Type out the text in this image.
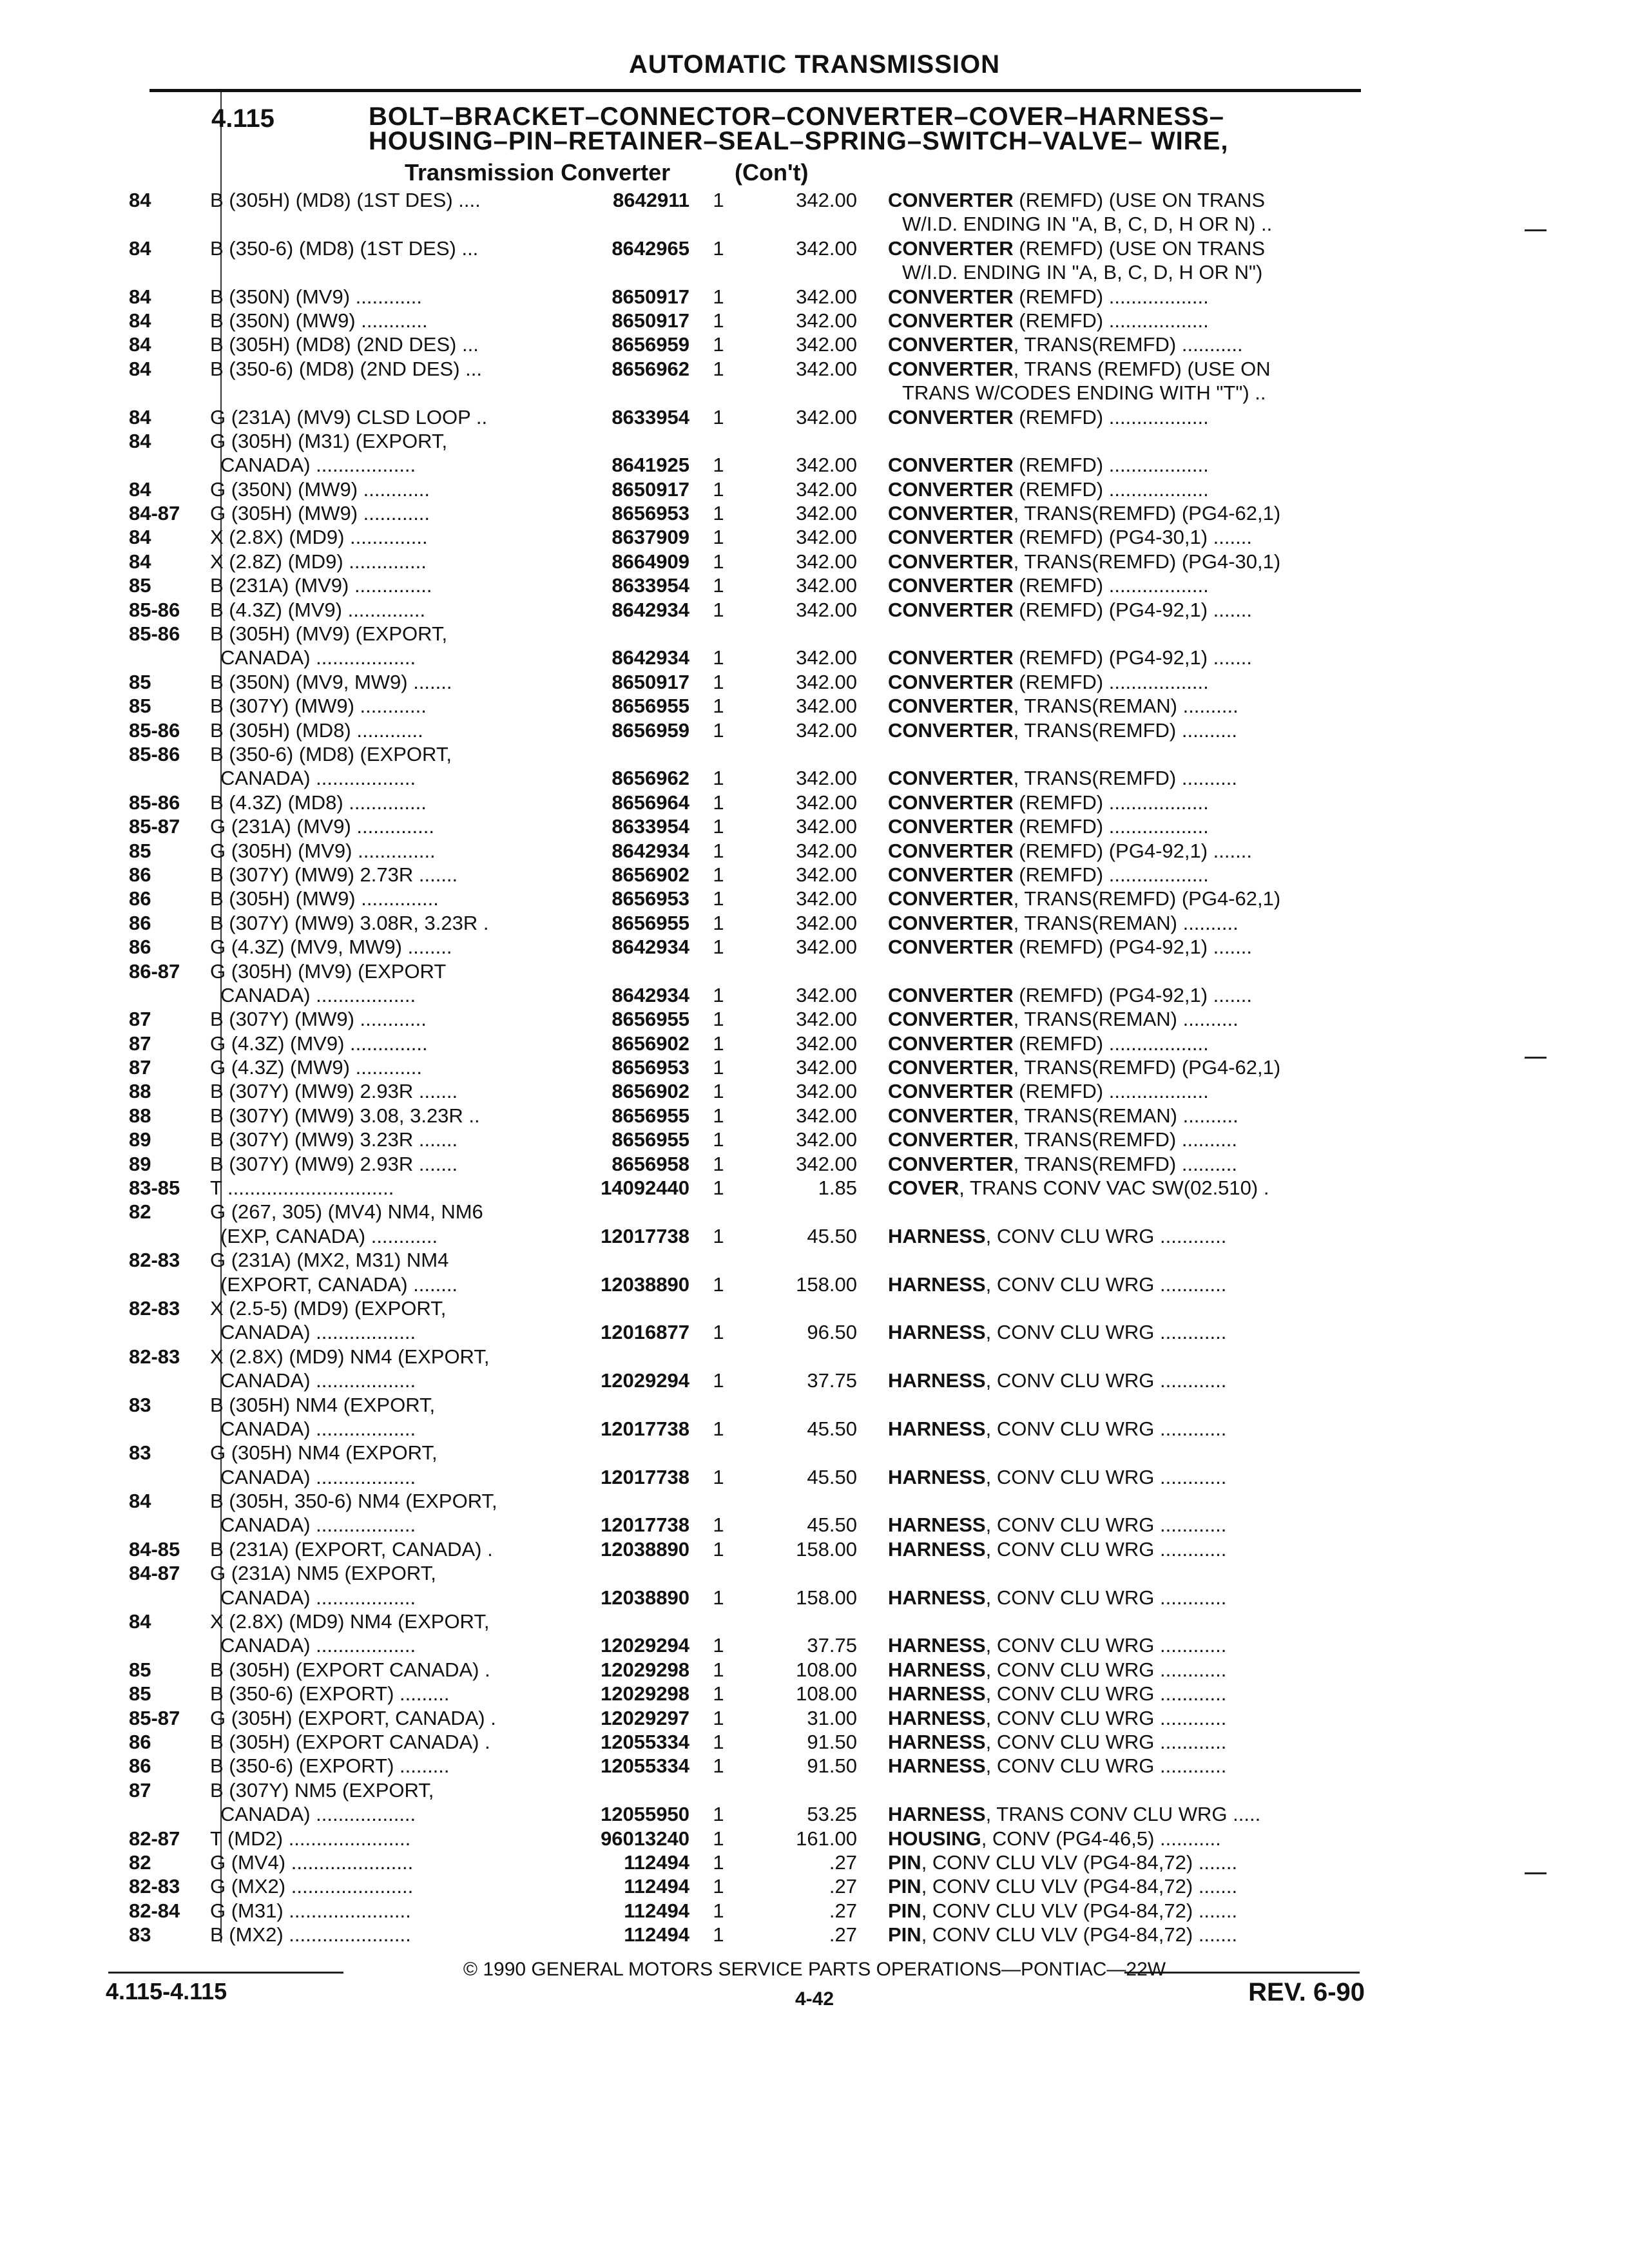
AUTOMATIC TRANSMISSION
4.115	BOLT–BRACKET–CONNECTOR–CONVERTER–COVER–HARNESS–
HOUSING–PIN–RETAINER–SEAL–SPRING–SWITCH–VALVE– WIRE,
Transmission Converter	(Con't)
84	B (305H) (MD8) (1ST DES) ....	8642911	1	342.00 CONVERTER (REMFD) (USE ON TRANS
W/I.D. ENDING IN "A, B, C, D, H OR N) ..
84	B (350-6) (MD8) (1ST DES) ...	8642965	1	342.00 CONVERTER (REMFD) (USE ON TRANS
W/I.D. ENDING IN "A, B, C, D, H OR N")
84	B (350N) (MV9) ............	8650917	1	342.00 CONVERTER (REMFD) ..................
84	B (350N) (MW9) ............	8650917	1	342.00 CONVERTER (REMFD) ..................
84	B (305H) (MD8) (2ND DES) ...	8656959	1	342.00 CONVERTER, TRANS(REMFD) ...........
84	B (350-6) (MD8) (2ND DES) ...	8656962	1	342.00 CONVERTER, TRANS (REMFD) (USE ON
TRANS W/CODES ENDING WITH "T") ..
84	G (231A) (MV9) CLSD LOOP ..	8633954	1	342.00 CONVERTER (REMFD) ..................
84	G (305H) (M31) (EXPORT,
CANADA) ..................	8641925	1	342.00 CONVERTER (REMFD) ..................
84	G (350N) (MW9) ............	8650917	1	342.00 CONVERTER (REMFD) ..................
84-87 G (305H) (MW9) ............	8656953	1	342.00 CONVERTER, TRANS(REMFD) (PG4-62,1)
84	X (2.8X) (MD9) ..............	8637909	1	342.00 CONVERTER (REMFD) (PG4-30,1) .......
84	X (2.8Z) (MD9) ..............	8664909	1	342.00 CONVERTER, TRANS(REMFD) (PG4-30,1)
85	B (231A) (MV9) ..............	8633954	1	342.00 CONVERTER (REMFD) ..................
85-86 B (4.3Z) (MV9) ..............	8642934	1	342.00 CONVERTER (REMFD) (PG4-92,1) .......
85-86 B (305H) (MV9) (EXPORT,
CANADA) ..................	8642934	1	342.00 CONVERTER (REMFD) (PG4-92,1) .......
85	B (350N) (MV9, MW9) .......	8650917	1	342.00 CONVERTER (REMFD) ..................
85	B (307Y) (MW9) ............	8656955	1	342.00 CONVERTER, TRANS(REMAN) ..........
85-86 B (305H) (MD8) ............	8656959	1	342.00 CONVERTER, TRANS(REMFD) ..........
85-86 B (350-6) (MD8) (EXPORT,
CANADA) ..................	8656962	1	342.00 CONVERTER, TRANS(REMFD) ..........
85-86 B (4.3Z) (MD8) ..............	8656964	1	342.00 CONVERTER (REMFD) ..................
85-87 G (231A) (MV9) ..............	8633954	1	342.00 CONVERTER (REMFD) ..................
85	G (305H) (MV9) ..............	8642934	1	342.00 CONVERTER (REMFD) (PG4-92,1) .......
86	B (307Y) (MW9) 2.73R .......	8656902	1	342.00 CONVERTER (REMFD) ..................
86	B (305H) (MW9) ..............	8656953	1	342.00 CONVERTER, TRANS(REMFD) (PG4-62,1)
86	B (307Y) (MW9) 3.08R, 3.23R .	8656955	1	342.00 CONVERTER, TRANS(REMAN) ..........
86	G (4.3Z) (MV9, MW9) ........	8642934	1	342.00 CONVERTER (REMFD) (PG4-92,1) .......
86-87 G (305H) (MV9) (EXPORT
CANADA) ..................	8642934	1	342.00 CONVERTER (REMFD) (PG4-92,1) .......
87	B (307Y) (MW9) ............	8656955	1	342.00 CONVERTER, TRANS(REMAN) ..........
87	G (4.3Z) (MV9) ..............	8656902	1	342.00 CONVERTER (REMFD) ..................
87	G (4.3Z) (MW9) ............	8656953	1	342.00 CONVERTER, TRANS(REMFD) (PG4-62,1)
88	B (307Y) (MW9) 2.93R .......	8656902	1	342.00 CONVERTER (REMFD) ..................
88	B (307Y) (MW9) 3.08, 3.23R ..	8656955	1	342.00 CONVERTER, TRANS(REMAN) ..........
89	B (307Y) (MW9) 3.23R .......	8656955	1	342.00 CONVERTER, TRANS(REMFD) ..........
89	B (307Y) (MW9) 2.93R .......	8656958	1	342.00 CONVERTER, TRANS(REMFD) ..........
83-85 T ..............................	14092440	1	1.85 COVER, TRANS CONV VAC SW(02.510) .
82	G (267, 305) (MV4) NM4, NM6
(EXP, CANADA) ............	12017738	1	45.50 HARNESS, CONV CLU WRG ............
82-83 G (231A) (MX2, M31) NM4
(EXPORT, CANADA) ........	12038890	1	158.00 HARNESS, CONV CLU WRG ............
82-83 X (2.5-5) (MD9) (EXPORT,
CANADA) ..................	12016877	1	96.50 HARNESS, CONV CLU WRG ............
82-83 X (2.8X) (MD9) NM4 (EXPORT,
CANADA) ..................	12029294	1	37.75 HARNESS, CONV CLU WRG ............
83	B (305H) NM4 (EXPORT,
CANADA) ..................	12017738	1	45.50 HARNESS, CONV CLU WRG ............
83	G (305H) NM4 (EXPORT,
CANADA) ..................	12017738	1	45.50 HARNESS, CONV CLU WRG ............
84	B (305H, 350-6) NM4 (EXPORT,
CANADA) ..................	12017738	1	45.50 HARNESS, CONV CLU WRG ............
84-85 B (231A) (EXPORT, CANADA) .	12038890	1	158.00 HARNESS, CONV CLU WRG ............
84-87 G (231A) NM5 (EXPORT,
CANADA) ..................	12038890	1	158.00 HARNESS, CONV CLU WRG ............
84	X (2.8X) (MD9) NM4 (EXPORT,
CANADA) ..................	12029294	1	37.75 HARNESS, CONV CLU WRG ............
85	B (305H) (EXPORT CANADA) .	12029298	1	108.00 HARNESS, CONV CLU WRG ............
85	B (350-6) (EXPORT) .........	12029298	1	108.00 HARNESS, CONV CLU WRG ............
85-87 G (305H) (EXPORT, CANADA) .	12029297	1	31.00 HARNESS, CONV CLU WRG ............
86	B (305H) (EXPORT CANADA) .	12055334	1	91.50 HARNESS, CONV CLU WRG ............
86	B (350-6) (EXPORT) .........	12055334	1	91.50 HARNESS, CONV CLU WRG ............
87	B (307Y) NM5 (EXPORT,
CANADA) ..................	12055950	1	53.25 HARNESS, TRANS CONV CLU WRG .....
82-87 T (MD2) ......................	96013240	1	161.00 HOUSING, CONV (PG4-46,5) ...........
82	G (MV4) ......................	112494	1	.27 PIN, CONV CLU VLV (PG4-84,72) .......
82-83 G (MX2) ......................	112494	1	.27 PIN, CONV CLU VLV (PG4-84,72) .......
82-84 G (M31) ......................	112494	1	.27 PIN, CONV CLU VLV (PG4-84,72) .......
83	B (MX2) ......................	112494	1	.27 PIN, CONV CLU VLV (PG4-84,72) .......
© 1990 GENERAL MOTORS SERVICE PARTS OPERATIONS—PONTIAC—22W
4.115-4.115	4-42	REV. 6-90
